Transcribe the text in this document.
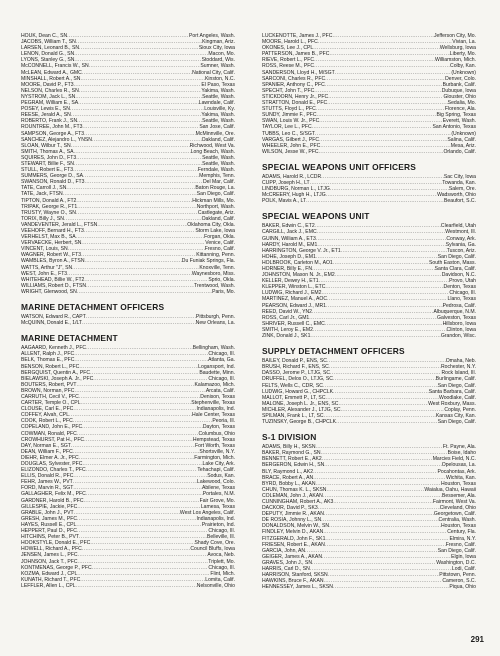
HOUK, Dean C., SN .....	Port Angeles, Wash.
JACOBS, William T., SN .....	Kingman, Ariz.
LARSEN, Leonard B., SN .....	Sioux City, Iowa
LENON, Donald G., SN .....	Macon, Mo.
LYONS, Stanley G., SN .....	Stoddard, Wis.
McCONNELL, Francis W., SN .....	Sumner, Wash.
McLEAN, Edward A., GMC .....	National City, Calif.
MINSHALL, Robert A., SN .....	Kinston, N.C.
MOORE, David P., FT3 .....	El Paso, Texas
NELSON, Charles R., SN .....	Yakima, Wash.
NYSTROM, Jack L., SN .....	Seattle, Wash.
PEGRAM, William E., SA .....	Lawndale, Calif.
POSEY, Lewis E., SN .....	Louisville, Ky.
REESE, Jerald A., SN .....	Yakima, Wash.
ROBERTO, Frank J., SN .....	Seattle, Wash.
ROUNTREE, John M., FT3 .....	San Jose, Calif.
SAMPSON, George A., FT3 .....	McMinnville, Ore.
SANCHEZ, Alejandro L., YNSN .....	Oakland, Calif.
SLOAN, Wilbur T., SN .....	Richwood, West Va.
SMITH, Thomas A., SA .....	Long Beach, Wash.
SQUIRES, John D., FT3 .....	Seattle, Wash.
STEWART, Billie F., SN .....	Seattle, Wash.
STULL, Robert E., FT3 .....	Ferndale, Wash.
SUMMERS, George D., SA .....	Memphis, Tenn.
SWANSON, Ronald D., FT3 .....	Del Mar, Calif.
TATE, Carroll J., SN .....	Baton Rouge, La.
TATE, Jack, FTSN .....	San Diego, Calif.
TIPTON, Donald A., FT2 .....	Hickman Mills, Mo.
TRIPAK, George R., FT1 .....	Northport, Wash.
TRUSTY, Wayne O., SN .....	Castlegate, Ariz.
TORIX, Billy J., SN .....	Oakland, Calif.
VANDEVENTER, Jerald L., FTSN .....	Oklahoma City, Okla.
VEEHOFF, Bernard H., FT3 .....	Storm Lake, Iowa
VERHELST, Max B., SA .....	Forgan, Okla.
VERVAECKE, Herbert, SN .....	Venice, Calif.
VINCENT, Louis, SN .....	Fresno, Calif.
WAGNER, Robert W., FT3 .....	Kittanning, Penn.
WAMBLES, Byron A., FTSN .....	Du Funiak Springs, Fla.
WATTS, Arthur "J", SN .....	Knoxville, Tenn.
WEST, John E., FT3 .....	Waynesboro, Miss.
WHITEHEAD, Billie W., FT2 .....	Sprio, Okla.
WILLIAMS, Robert D., FTSN .....	Trentwood, Wash.
WRIGHT, Glenwood, SN .....	Paris, Mo.
MARINE DETACHMENT OFFICERS
WATSON, Edward R., CAPT .....	Pittsburgh, Penn.
McQUINN, Donald E., 1/LT .....	New Orleans, La.
MARINE DETACHMENT
AAGAARD, Kenneth J., PFC .....	Bellingham, Wash.
ALLENT, Ralph J., PFC .....	Chicago, Ill.
BELK, Thomas E., PFC .....	Atlanta, Ga.
BENSON, Robert L., PFC .....	Logansport, Ind.
BERGQUIST, Quentin A., PFC .....	Baudette, Minn.
BIELAWSKI, Joseph A. Jr., PFC .....	Chicago, Ill.
BOUTERS, Robert, PVT .....	Kalamazoo, Mich.
BROWN, Norman, PFC .....	Arcata, Calif.
CARRUTH, Cecil V., PFC .....	Denison, Texas
CARTER, Temple O., CPL .....	Stephenville, Texas
CLOUSE, Carl E., PFC .....	Indianapolis, Ind.
COFFEY, Alvah, CPL .....	Hale Center, Texas
COOK, Robert L., PFC .....	Peoria, Ill.
COPELAND, John E., PFC .....	Dayton, Texas
COWMAN, Ronald, PFC .....	Columbus, Ohio
CROWHURST, Pat H., PFC .....	Hempstead, Texas
DAY, Norman E., SGT .....	Fort Worth, Texas
DEAN, William F., PFC .....	Shortsville, N.Y.
DIEHR, Elmer A. Jr., PFC .....	Farmington, Mich.
DOUGLAS, Sylvester, PFC .....	Lake City, Ark.
ELIZONDO, Charles T., PFC .....	Tehachapi, Calif.
ELLIS, Donald R., PFC .....	Sodus, Kan.
FEHR, James W., PVT .....	Lakewood, Colo.
FORD, Marvin R., SGT .....	Abilene, Texas
GALLAGHER, Felix M., PFC .....	Portales, N.M.
GARDNER, Harold B., PFC .....	Fair Grove, Mo.
GILLESPIE, Jackie, PFC .....	Lamesa, Texas
GRABLE, John J., PVT .....	West Los Angeles, Calif.
GRESH, James M., PFC .....	Indianapolis, Ind.
HAYES, Russell E., CPL .....	Prairieton, Ind.
HEPPERT, Paul D., PFC .....	Chicago, Ill.
HITCHINS, Peter B., PVT .....	Belleville, Ill.
HOOKSTYLE, Donald E., PFC .....	Shady Cove, Ore.
HOWELL, Richard A., PFC .....	Council Bluffs, Iowa
JENSEN, James L., PFC .....	Avoca, Neb.
JOHNSON, Jack T., PFC .....	Triplett, Mo.
KONTMENAS, George P., PFC .....	Chicago, Ill.
KOZMA, Edward J., CPL .....	Flint, Mich.
KUNATH, Richard T., PFC .....	Lomita, Calif.
LEFFLER, Allen L., CPL .....	Nelsonville, Ohio
LUCKENOTTE, James J., PFC .....	Jefferson City, Mo.
MOORE, Harold L., PFC .....	Vivian, La.
OKONES, Lee J., CPL .....	Wellsburg, Iowa
PATTERSON, James B., PFC .....	Liberty, Mo.
RIEVE, Robert L., PFC .....	Williamston, Mich.
ROSS, Reese M., PFC .....	Colby, Kan.
SANDERSON, Lloyd H., M/SGT .....	(Unknown)
SARCONI, Charles R., PFC .....	Denver, Colo.
SPANIER, Anthony C., PFC .....	Burbank, Calif.
SPECHT, John T., PFC .....	Dubuque, Iowa
STICKDORN, Henry Jr., PFC .....	Glouster, Ohio
STRATTON, Donald E., PFC .....	Sedalia, Mo.
STUTTS, Floyd L., PFC .....	Florence, Ala.
SUNDY, Jimmie F., PFC .....	Big Spring, Texas
SWAN, Louis W. Jr., PFC .....	Everett, Wash.
TAYLOR, Lee L., PFC .....	San Antonio, Texas
TUBBS, Leo C., S/SGT .....	(Unknown)
VARGAS, Gilbert J., PFC .....	Salina, Calif.
WHEELER, John E., PFC .....	Mesa, Ariz.
WILSON, Jesse W., PFC .....	Orlando, Calif.
SPECIAL WEAPONS UNIT OFFICERS
ADAMS, Harold R., LCDR .....	Sac City, Iowa
CUPP, Joseph H., LT .....	Towanda, Kan.
LINDBURG, Norman L., LTJG .....	Salem, Ore.
McCREERY, Hugh H., LTJG .....	Wadsworth, Ohio
POLK, Mavis A., LT .....	Beaufort, S.C.
SPECIAL WEAPONS UNIT
BAKER, Edwin C., ET2 .....	Clearfield, Utah
CARGILL, Jack J., EMC .....	Westmont, Ill.
GUINN, William A., ET3 .....	Conway, Ark.
HARDY, Harold M., EM1 .....	Sylvania, Ga.
HARRINGTON, George V. Jr., ET1 .....	Tuscon, Ariz.
HOHE, Joseph D., EM1 .....	San Diego, Calif.
HOLBROOK, Carleton M., AO1 .....	South Easton, Mass.
HORNER, Billy E., FN .....	Santa Clara, Calif.
JOHNSTON, Mason N. Jr., EM2 .....	Davidson, N.C.
KELLER, Dewey H., ET1 .....	Provo, Utah
KLEPPER, Winston L., ETC .....	Denton, Texas
LUDWIG, Richard J., EM2 .....	Chicago, Ill.
MARTINEZ, Manuel A., AOC .....	Llano, Texas
PEARSON, Edward J., MR1 .....	Pedrosa, Calif.
REED, David W., YN2 .....	Albuquerque, N.M.
ROSS, Carl Jr., GM1 .....	Galveston, Texas
SHRIVER, Russell C., EMC .....	Hillsboro, Iowa
SMITH, Leroy E., EM2 .....	Clinton, Iowa
ZINK, Donald J., SK1 .....	Grandon, Wisc.
SUPPLY DETACHMENT OFFICERS
BAILEY, Donald P., ENS, SC .....	Omaha, Neb.
BRUSH, Richard F., ENS, SC .....	Rochester, N.Y.
DASSO, Jerome P., LTJG, SC .....	Rock Island, Ill.
DRUFFEL, Delos O., LTJG, SC .....	Burlingame, Calif.
FELTS, Wells C., CDR, SC .....	San Diego, Calif.
LUDWIG, Howard G., CHPCLK .....	Santa Barbara, Calif.
MALLOT, Emmett P., LT, SC .....	Woodlake, Calif.
MALONE, Joseph L. Jr., ENS, SC .....	West Roxbury, Mass.
MICHLER, Alexander J., LTJG, SC .....	Coplay, Penn.
SPILMAN, Frank L., LT, SC .....	Kansas City, Kan.
TUZINSKY, George B., CHPCLK .....	San Diego, Calif.
S-1 DIVISION
ADAMS, Billy H., SKSN .....	Ft. Payne, Ala.
BAKER, Raymond G., SN .....	Boise, Idaho
BENNETT, Robert E., AK2 .....	Marcies Field, N.C.
BERGERON, Edwin H., SN .....	Opelousas, La.
BLY, Raymond L., AK2 .....	Pocahontas, Ark.
BRACE, Robert A., AN .....	Wichita, Kan.
BYRD, Bobby L., AKAN .....	Houston, Texas
CHUN, Thomas K. L., SKSN .....	Waialua, Oahu, Hawaii
COLEMAN, John J., AKAN .....	Bessemer, Ala.
CUNNINGHAM, Robert A., AK3 .....	Fairmont, West Va.
DACKOR, David P., SK3 .....	Cleveland, Ohio
DEPUTY, Jimmie R., AKAN .....	Georgetown, Calif.
DE ROSIA, Johnny L., SN .....	Centralia, Wash.
DONALDSON, Melvin W., SN .....	Houston, Texas
FINDLEY, Melvin D., AKAN .....	Century, Fla.
FITZGERALD, John F., SK1 .....	Elmira, N.Y.
FRIESEN, Robert E., AKAN .....	Fresno, Calif.
GARCIA, John, AN .....	San Diego, Calif.
GEIGER, James A., AKAN .....	Elgin, Iowa
GRAVES, John J., SN .....	Washington, D.C.
HARRIS, Carl D., SN .....	Lodi, Calif.
HARRISON, Stanford, SKSN .....	Pittstown, Penn.
HAWKINS, Bruce F., AKAN .....	Cameron, S.C.
HENNESSEY, James L., SKSN .....	Piqua, Ohio
291
